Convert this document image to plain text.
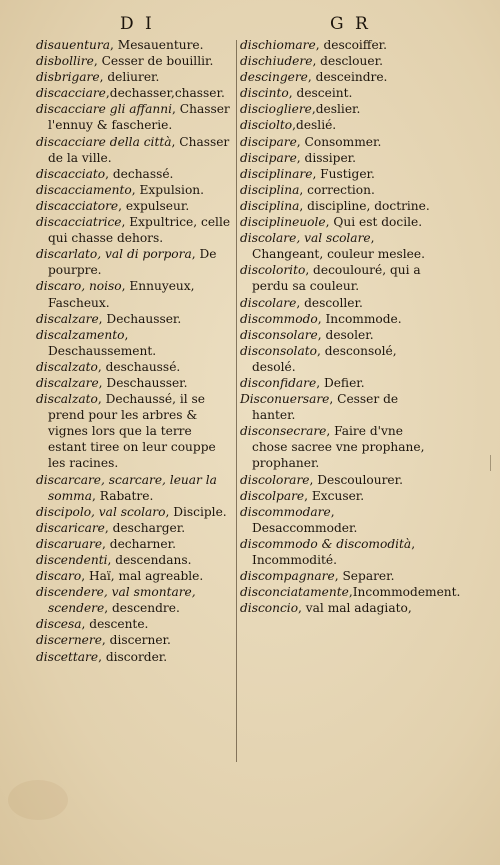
D I	G R

disauentura, Mesauenture.

disbollire, Cesser de bouillir.

disbrigare, deliurer.

discacciare,dechasser,chasser.

discacciare gli affanni, Chasser l'ennuy & fascherie.

discacciare della città, Chasser de la ville.

discacciato, dechassé.

discacciamento, Expulsion.

discacciatore, expulseur.

discacciatrice, Expultrice, celle qui chasse dehors.

discarlato, val di porpora, De pourpre.

discaro, noiso, Ennuyeux, Fascheux.

discalzare, Dechausser.

discalzamento, Deschaussement.

discalzato, deschaussé.

discalzare, Deschausser.

discalzato, Dechaussé, il se prend pour les arbres & vignes lors que la terre estant tiree on leur couppe les racines.

discarcare, scarcare, leuar la somma, Rabatre.

discipolo, val scolaro, Disciple.

discaricare, descharger.

discaruare, decharner.

discendenti, descendans.

discaro, Haï, mal agreable.

discendere, val smontare, scendere, descendre.

discesa, descente.

discernere, discerner.

discettare, discorder.

dischiomare, descoiffer.

dischiudere, desclouer.

descingere, desceindre.

discinto, desceint.

disciogliere,deslier.

disciolto,deslié.

discipare, Consommer.

discipare, dissiper.

disciplinare, Fustiger.

disciplina, correction.

disciplina, discipline, doctrine.

disciplineuole, Qui est docile.

discolare, val scolare, Changeant, couleur meslee.

discolorito, decoulouré, qui a perdu sa couleur.

discolare, descoller.

discommodo, Incommode.

disconsolare, desoler.

disconsolato, desconsolé, desolé.

disconfidare, Defier.

Disconuersare, Cesser de hanter.

disconsecrare, Faire d'vne chose sacree vne prophane, prophaner.

discolorare, Descoulourer.

discolpare, Excuser.

discommodare, Desaccommoder.

discommodo & discomodità, Incommodité.

discompagnare, Separer.

disconciatamente,Incommodement.

disconcio, val mal adagiato,
